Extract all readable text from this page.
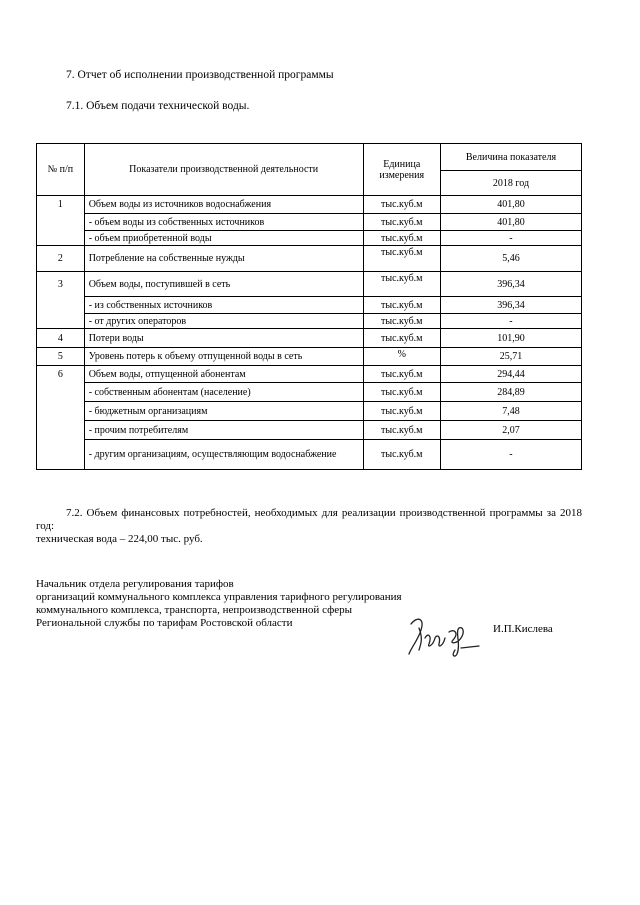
7. Отчет об исполнении производственной программы
7.1. Объем подачи технической воды.
№ п/п	Показатели производственной деятельности	Единица измерения	Величина показателя
			2018 год
1	Объем воды из источников водоснабжения	тыс.куб.м	401,80
	- объем воды из собственных источников	тыс.куб.м	401,80
	- объем приобретенной воды	тыс.куб.м	-
2	Потребление на собственные нужды	тыс.куб.м	5,46
3	Объем воды, поступившей в сеть	тыс.куб.м	396,34
	- из собственных источников	тыс.куб.м	396,34
	- от других операторов	тыс.куб.м	-
4	Потери воды	тыс.куб.м	101,90
5	Уровень потерь к объему отпущенной воды в сеть	%	25,71
6	Объем воды, отпущенной абонентам	тыс.куб.м	294,44
	- собственным абонентам (население)	тыс.куб.м	284,89
	- бюджетным организациям	тыс.куб.м	7,48
	- прочим потребителям	тыс.куб.м	2,07
	- другим организациям, осуществляющим водоснабжение	тыс.куб.м	-
7.2. Объем финансовых потребностей, необходимых для реализации производственной программы за 2018 год:
техническая вода – 224,00 тыс. руб.
Начальник отдела регулирования тарифов
организаций коммунального комплекса управления тарифного регулирования
коммунального комплекса, транспорта, непроизводственной сферы
Региональной службы по тарифам Ростовской области	И.П.Кислева
